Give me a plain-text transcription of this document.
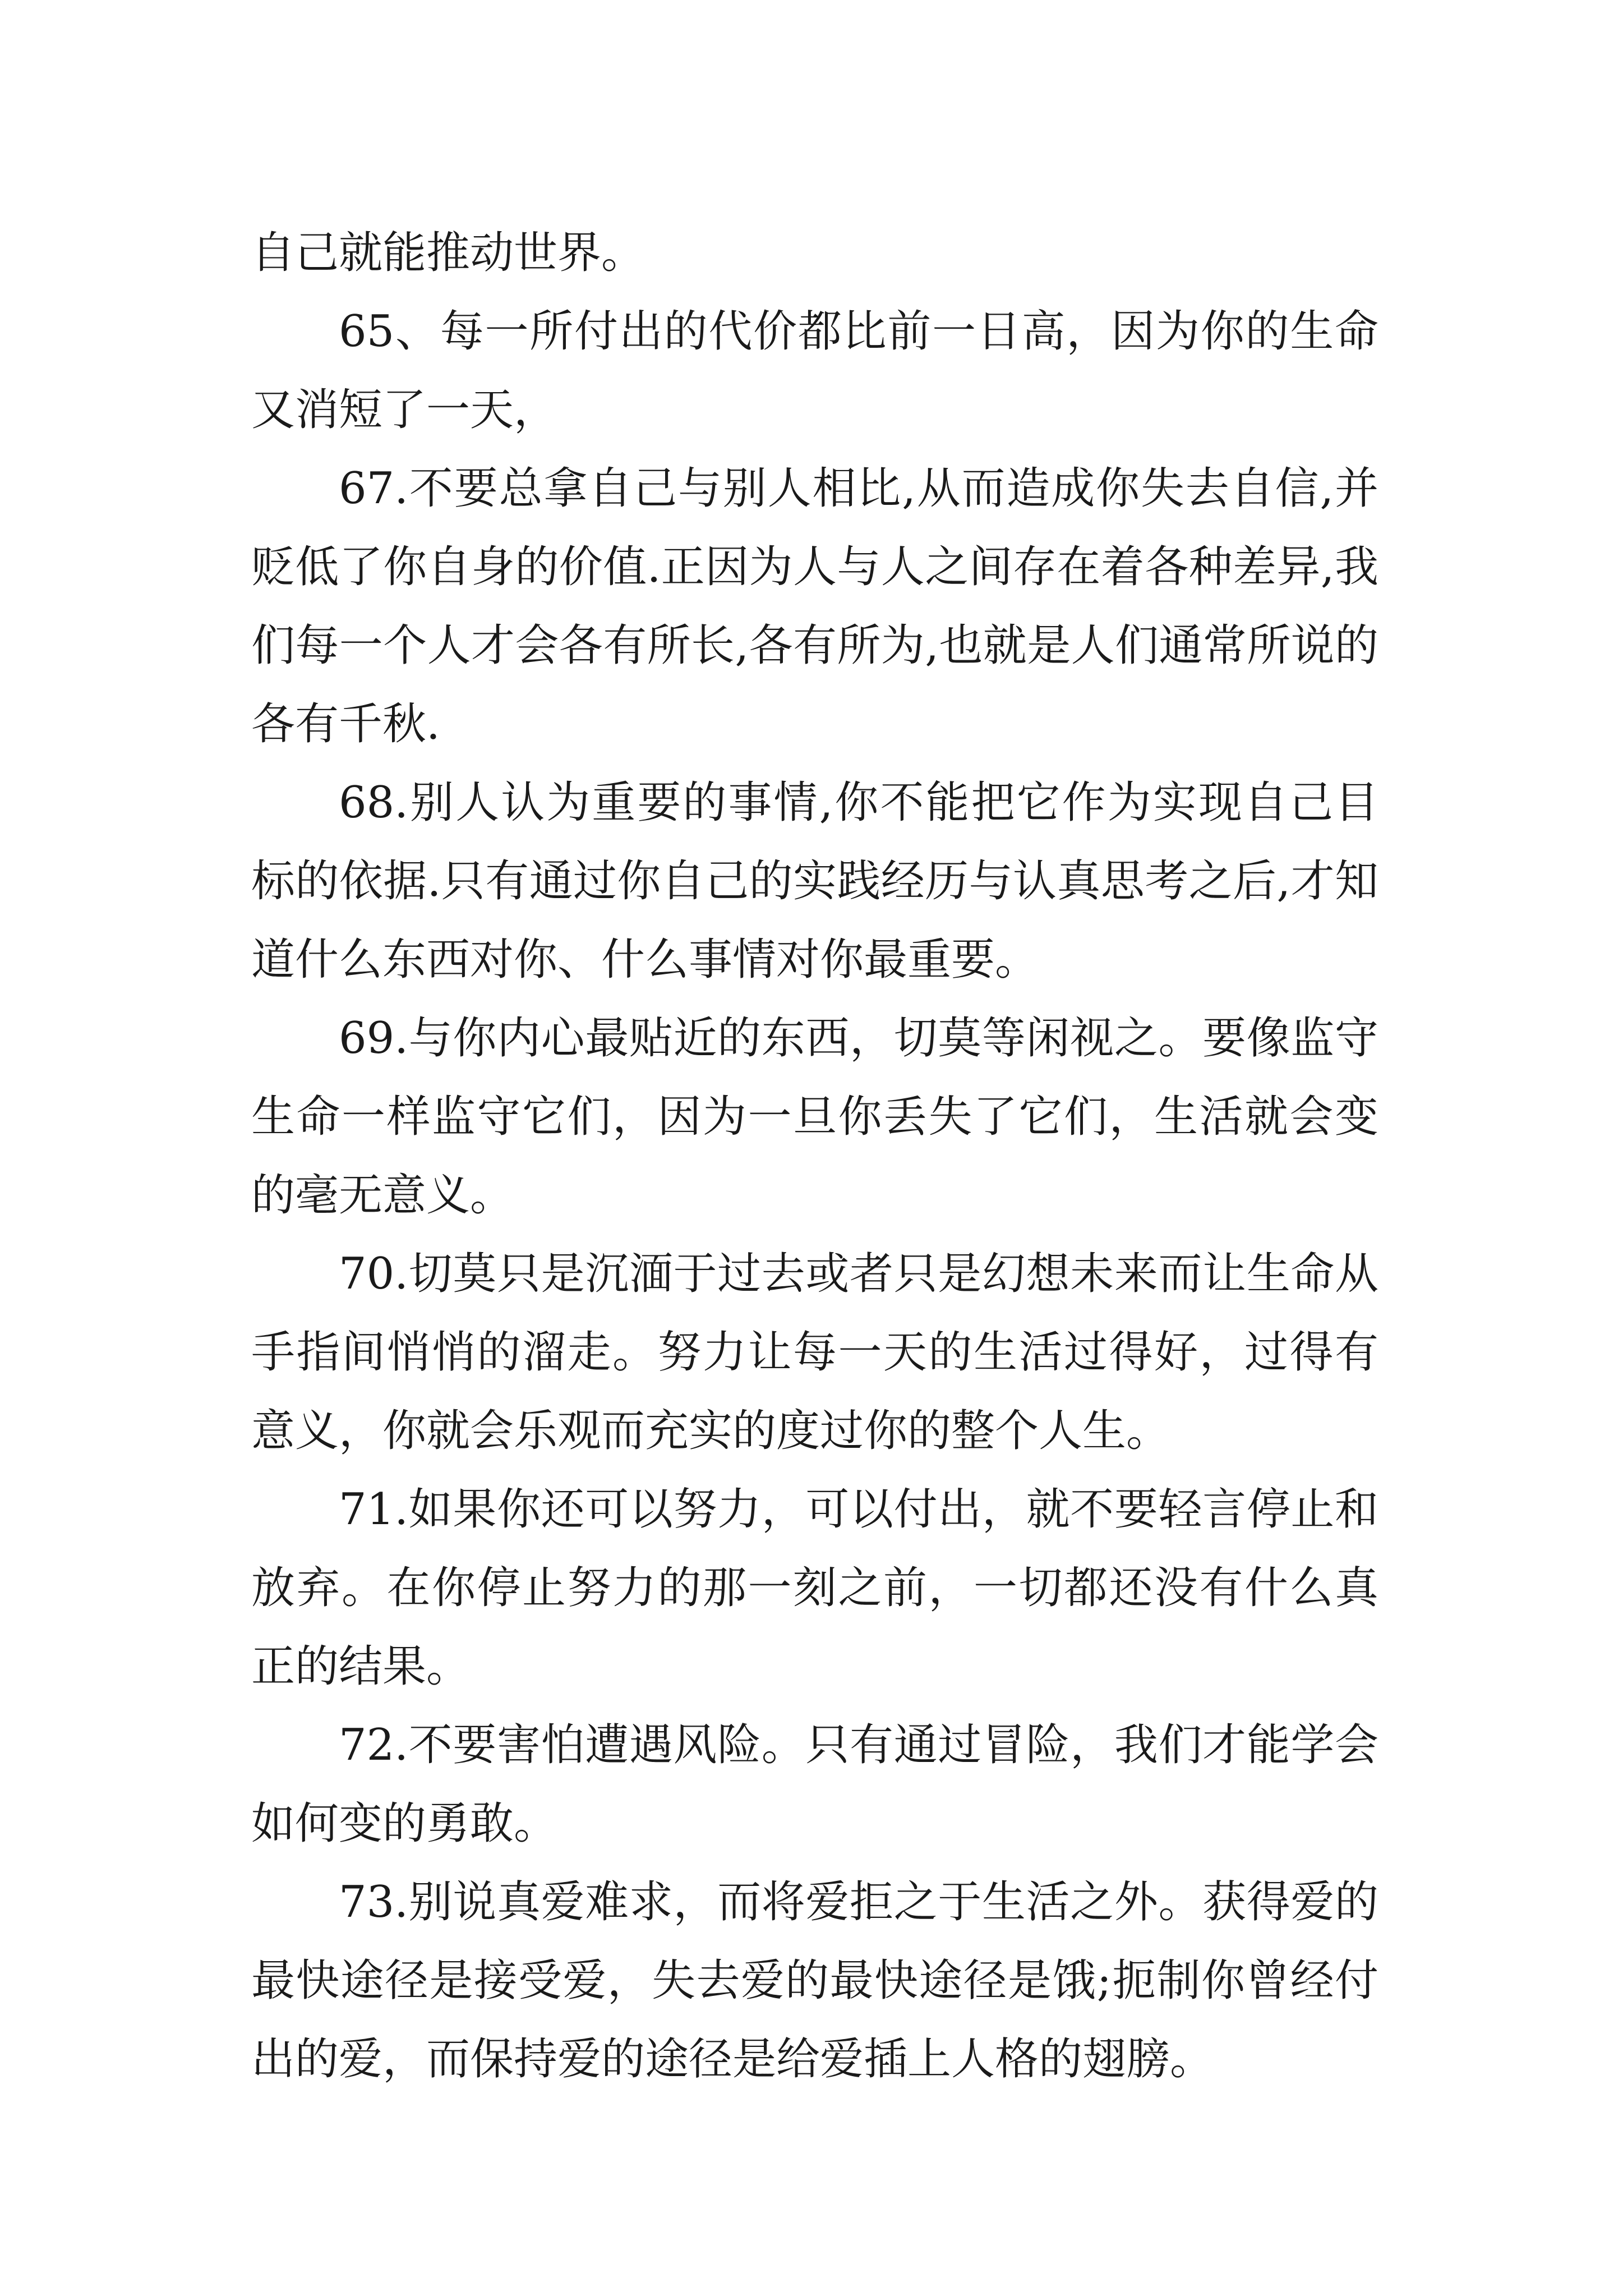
自己就能推动世界。

65、每一所付出的代价都比前一日高，因为你的生命又消短了一天，

67.不要总拿自己与别人相比,从而造成你失去自信,并贬低了你自身的价值.正因为人与人之间存在着各种差异,我们每一个人才会各有所长,各有所为,也就是人们通常所说的各有千秋.

68.别人认为重要的事情,你不能把它作为实现自己目标的依据.只有通过你自己的实践经历与认真思考之后,才知道什么东西对你、什么事情对你最重要。

69.与你内心最贴近的东西，切莫等闲视之。要像监守生命一样监守它们，因为一旦你丢失了它们，生活就会变的毫无意义。

70.切莫只是沉湎于过去或者只是幻想未来而让生命从手指间悄悄的溜走。努力让每一天的生活过得好，过得有意义，你就会乐观而充实的度过你的整个人生。

71.如果你还可以努力，可以付出，就不要轻言停止和放弃。在你停止努力的那一刻之前，一切都还没有什么真正的结果。

72.不要害怕遭遇风险。只有通过冒险，我们才能学会如何变的勇敢。

73.别说真爱难求，而将爱拒之于生活之外。获得爱的最快途径是接受爱，失去爱的最快途径是饿;扼制你曾经付出的爱，而保持爱的途径是给爱插上人格的翅膀。
